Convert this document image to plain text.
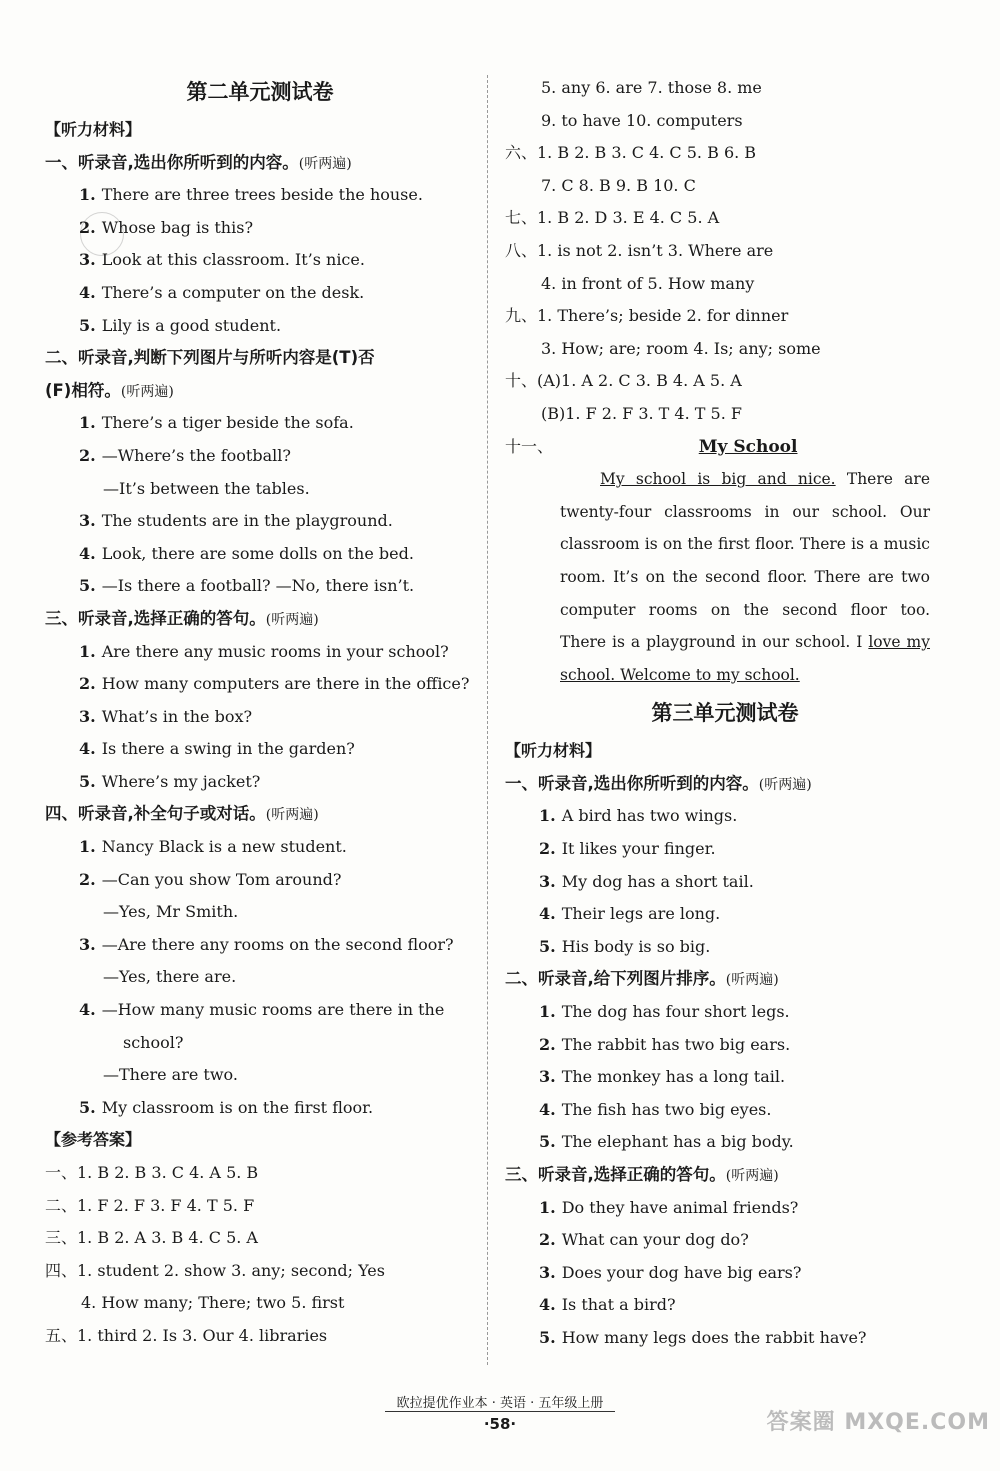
第二单元测试卷
【听力材料】
一、听录音,选出你所听到的内容。(听两遍)
1. There are three trees beside the house.
2. Whose bag is this?
3. Look at this classroom. It’s nice.
4. There’s a computer on the desk.
5. Lily is a good student.
二、听录音,判断下列图片与所听内容是(T)否
(F)相符。(听两遍)
1. There’s a tiger beside the sofa.
2. —Where’s the football?
—It’s between the tables.
3. The students are in the playground.
4. Look, there are some dolls on the bed.
5. —Is there a football? —No, there isn’t.
三、听录音,选择正确的答句。(听两遍)
1. Are there any music rooms in your school?
2. How many computers are there in the office?
3. What’s in the box?
4. Is there a swing in the garden?
5. Where’s my jacket?
四、听录音,补全句子或对话。(听两遍)
1. Nancy Black is a new student.
2. —Can you show Tom around?
—Yes, Mr Smith.
3. —Are there any rooms on the second floor?
—Yes, there are.
4. —How many music rooms are there in the
school?
—There are two.
5. My classroom is on the first floor.
【参考答案】
一、1. B 2. B 3. C 4. A 5. B
二、1. F 2. F 3. F 4. T 5. F
三、1. B 2. A 3. B 4. C 5. A
四、1. student 2. show 3. any; second; Yes
4. How many; There; two 5. first
五、1. third 2. Is 3. Our 4. libraries
5. any 6. are 7. those 8. me
9. to have 10. computers
六、1. B 2. B 3. C 4. C 5. B 6. B
7. C 8. B 9. B 10. C
七、1. B 2. D 3. E 4. C 5. A
八、1. is not 2. isn’t 3. Where are
4. in front of 5. How many
九、1. There’s; beside 2. for dinner
3. How; are; room 4. Is; any; some
十、(A)1. A 2. C 3. B 4. A 5. A
(B)1. F 2. F 3. T 4. T 5. F
十一、	My School
My school is big and nice. There are twenty-four classrooms in our school. Our classroom is on the first floor. There is a music room. It’s on the second floor. There are two computer rooms on the second floor too. There is a playground in our school. I love my school. Welcome to my school.
第三单元测试卷
【听力材料】
一、听录音,选出你所听到的内容。(听两遍)
1. A bird has two wings.
2. It likes your finger.
3. My dog has a short tail.
4. Their legs are long.
5. His body is so big.
二、听录音,给下列图片排序。(听两遍)
1. The dog has four short legs.
2. The rabbit has two big ears.
3. The monkey has a long tail.
4. The fish has two big eyes.
5. The elephant has a big body.
三、听录音,选择正确的答句。(听两遍)
1. Do they have animal friends?
2. What can your dog do?
3. Does your dog have big ears?
4. Is that a bird?
5. How many legs does the rabbit have?
欧拉提优作业本 · 英语 · 五年级上册
·58·	答案圈 MXQE.COM
